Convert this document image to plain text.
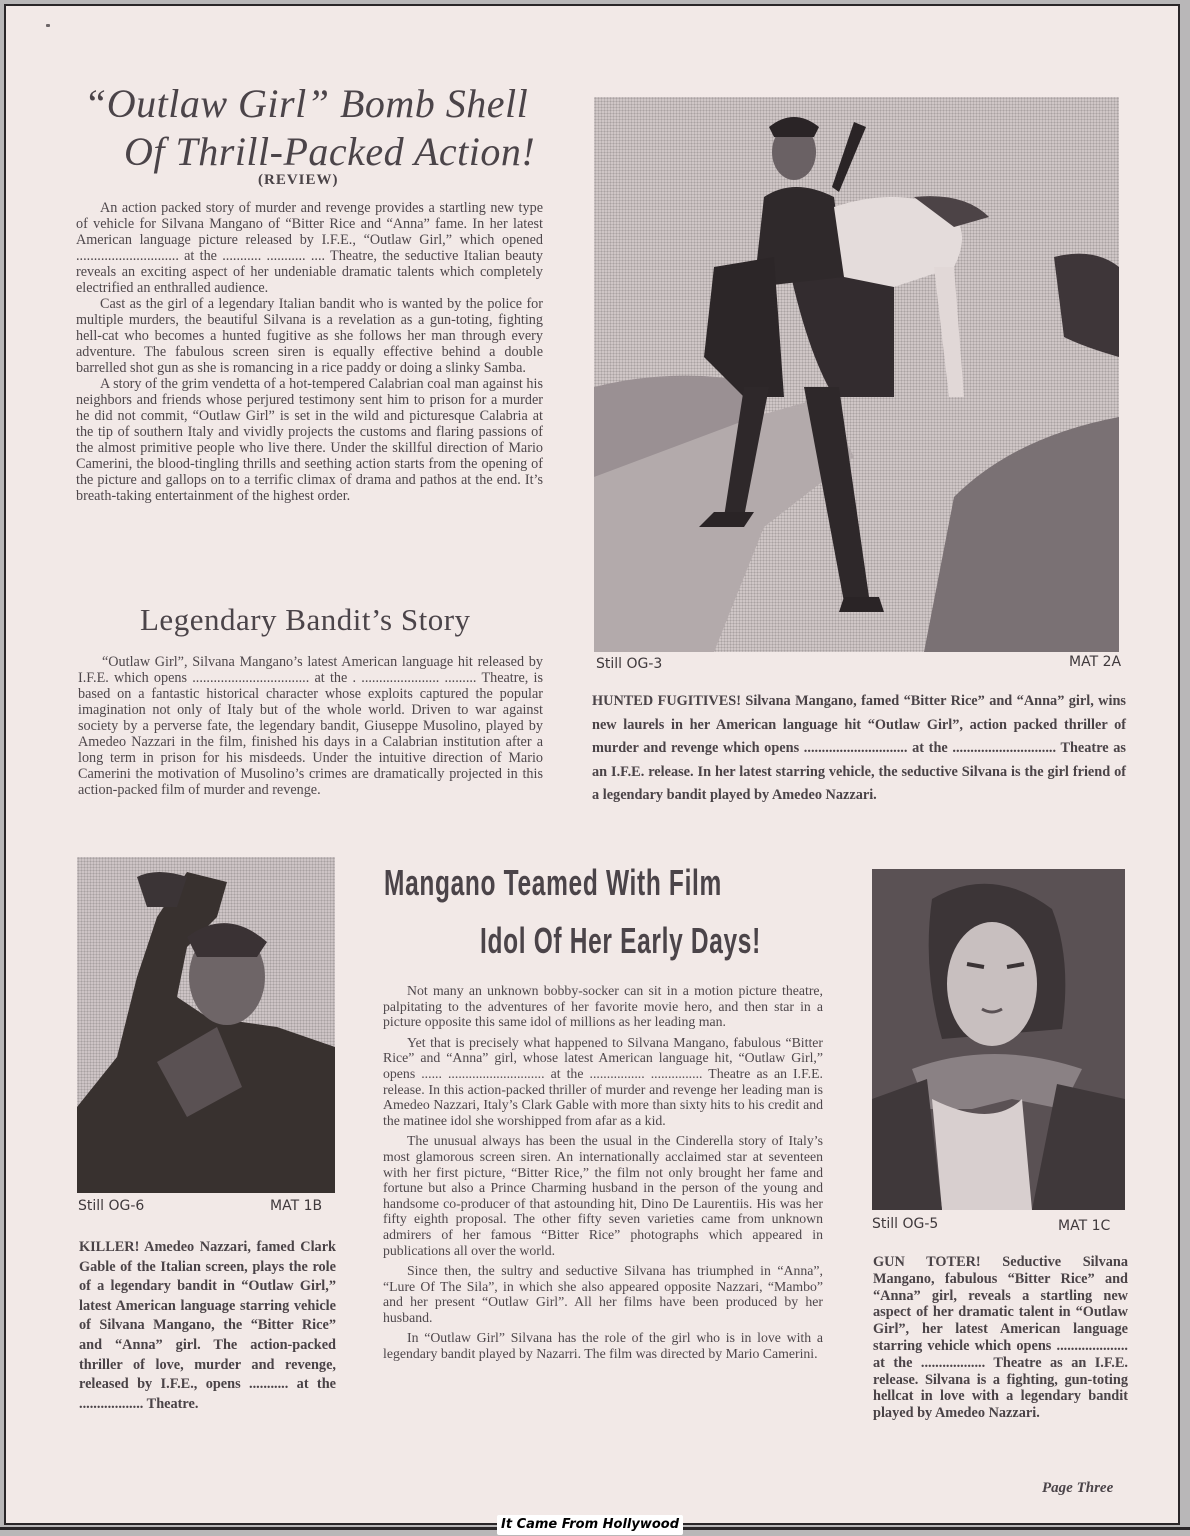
“Outlaw Girl” Bomb Shell
Of Thrill-Packed Action!
(REVIEW)

An action packed story of murder and revenge provides a startling new type of vehicle for Silvana Mangano of “Bitter Rice and “Anna” fame. In her latest American language picture released by I.F.E., “Outlaw Girl,” which opened ............................. at the ........... ........... .... Theatre, the seductive Italian beauty reveals an exciting aspect of her undeniable dramatic talents which completely electrified an enthralled audience.

Cast as the girl of a legendary Italian bandit who is wanted by the police for multiple murders, the beautiful Silvana is a revelation as a gun-toting, fighting hell-cat who becomes a hunted fugitive as she follows her man through every adventure. The fabulous screen siren is equally effective behind a double barrelled shot gun as she is romancing in a rice paddy or doing a slinky Samba.

A story of the grim vendetta of a hot-tempered Calabrian coal man against his neighbors and friends whose perjured testimony sent him to prison for a murder he did not commit, “Outlaw Girl” is set in the wild and picturesque Calabria at the tip of southern Italy and vividly projects the customs and flaring passions of the almost primitive people who live there. Under the skillful direction of Mario Camerini, the blood-tingling thrills and seething action starts from the opening of the picture and gallops on to a terrific climax of drama and pathos at the end. It’s breath-taking entertainment of the highest order.

Legendary Bandit’s Story

“Outlaw Girl”, Silvana Mangano’s latest American language hit released by I.F.E. which opens ................................. at the . ...................... ......... Theatre, is based on a fantastic historical character whose exploits captured the popular imagination not only of Italy but of the whole world. Driven to war against society by a perverse fate, the legendary bandit, Giuseppe Musolino, played by Amedeo Nazzari in the film, finished his days in a Calabrian institution after a long term in prison for his misdeeds. Under the intuitive direction of Mario Camerini the motivation of Musolino’s crimes are dramatically projected in this action-packed film of murder and revenge.

Still OG-3	MAT 2A
HUNTED FUGITIVES! Silvana Mangano, famed “Bitter Rice” and “Anna” girl, wins new laurels in her American language hit “Outlaw Girl”, action packed thriller of murder and revenge which opens ............................. at the ............................. Theatre as an I.F.E. release. In her latest starring vehicle, the seductive Silvana is the girl friend of a legendary bandit played by Amedeo Nazzari.
Still OG-6	MAT 1B
KILLER! Amedeo Nazzari, famed Clark Gable of the Italian screen, plays the role of a legendary bandit in “Outlaw Girl,” latest American language starring vehicle of Silvana Mangano, the “Bitter Rice” and “Anna” girl. The action-packed thriller of love, murder and revenge, released by I.F.E., opens ........... at the .................. Theatre.
Mangano Teamed With Film
Idol Of Her Early Days!

Not many an unknown bobby-socker can sit in a motion picture theatre, palpitating to the adventures of her favorite movie hero, and then star in a picture opposite this same idol of millions as her leading man.

Yet that is precisely what happened to Silvana Mangano, fabulous “Bitter Rice” and “Anna” girl, whose latest American language hit, “Outlaw Girl,” opens ...... ............................ at the ................ ............... Theatre as an I.F.E. release. In this action-packed thriller of murder and revenge her leading man is Amedeo Nazzari, Italy’s Clark Gable with more than sixty hits to his credit and the matinee idol she worshipped from afar as a kid.

The unusual always has been the usual in the Cinderella story of Italy’s most glamorous screen siren. An internationally acclaimed star at seventeen with her first picture, “Bitter Rice,” the film not only brought her fame and fortune but also a Prince Charming husband in the person of the young and handsome co-producer of that astounding hit, Dino De Laurentiis. His was her fifty eighth proposal. The other fifty seven varieties came from unknown admirers of her famous “Bitter Rice” photographs which appeared in publications all over the world.

Since then, the sultry and seductive Silvana has triumphed in “Anna”, “Lure Of The Sila”, in which she also appeared opposite Nazzari, “Mambo” and her present “Outlaw Girl”. All her films have been produced by her husband.

In “Outlaw Girl” Silvana has the role of the girl who is in love with a legendary bandit played by Nazarri. The film was directed by Mario Camerini.

Still OG-5	MAT 1C
GUN TOTER! Seductive Silvana Mangano, fabulous “Bitter Rice” and “Anna” girl, reveals a startling new aspect of her dramatic talent in “Outlaw Girl”, her latest American language starring vehicle which opens .................... at the .................. Theatre as an I.F.E. release. Silvana is a fighting, gun-toting hellcat in love with a legendary bandit played by Amedeo Nazzari.
Page Three
It Came From Hollywood
